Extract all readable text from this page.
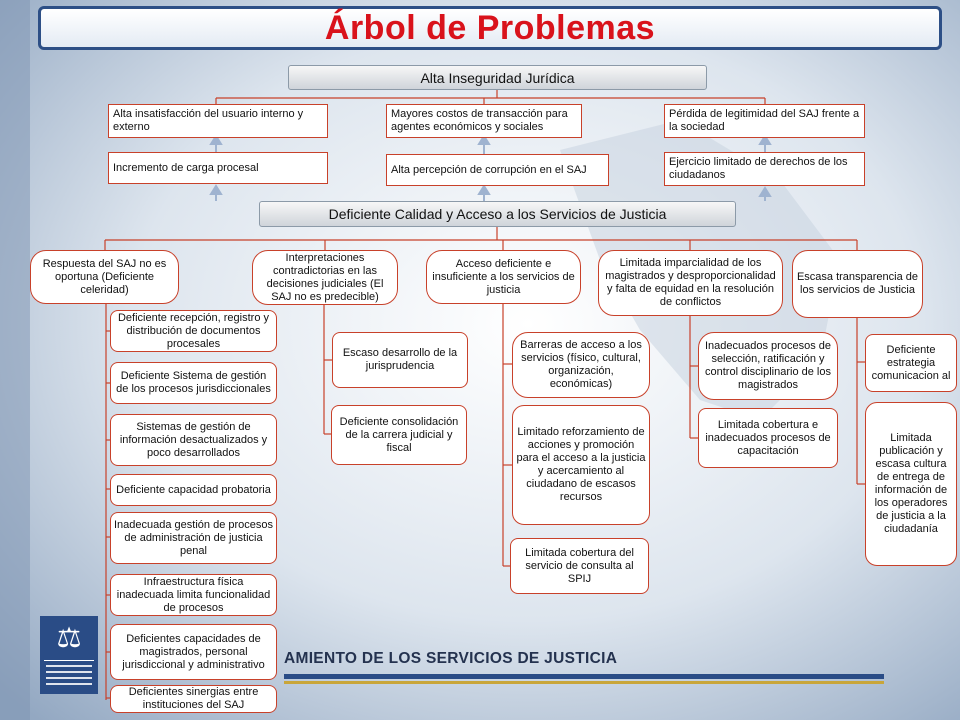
Árbol de Problemas
Alta Inseguridad Jurídica
Alta insatisfacción del usuario interno y externo
Mayores costos de transacción para agentes económicos y sociales
Pérdida de legitimidad del SAJ frente a la sociedad
Incremento de carga procesal	Alta percepción de corrupción en el SAJ
Ejercicio limitado de derechos de los ciudadanos
Deficiente Calidad y Acceso a los Servicios de Justicia
Respuesta del SAJ no es oportuna (Deficiente celeridad)
Interpretaciones contradictorias en las decisiones judiciales (El SAJ no es predecible)
Acceso deficiente e insuficiente a los servicios de justicia
Limitada imparcialidad de los magistrados y desproporcionalidad y falta de equidad en la resolución de conflictos
Escasa transparencia de los servicios de Justicia
Deficiente recepción, registro y distribución de documentos procesales
Deficiente Sistema de gestión de los procesos jurisdiccionales
Sistemas de gestión de información desactualizados y poco desarrollados
Deficiente capacidad probatoria
Inadecuada gestión de procesos de administración de justicia penal
Infraestructura física inadecuada limita funcionalidad de procesos
Deficientes capacidades de magistrados, personal jurisdiccional y administrativo
Deficientes sinergias entre instituciones del SAJ
Escaso desarrollo de la jurisprudencia
Deficiente consolidación de la carrera judicial y fiscal
Barreras de acceso a los servicios (físico, cultural, organización, económicas)
Limitado reforzamiento de acciones y promoción para el acceso a la justicia y acercamiento al ciudadano de escasos recursos
Limitada cobertura del servicio de consulta al SPIJ
Inadecuados procesos de selección, ratificación y control disciplinario de los magistrados
Limitada cobertura e inadecuados procesos de capacitación
Deficiente estrategia comunicacion al
Limitada publicación y escasa cultura de entrega de información de los operadores de justicia a la ciudadanía
⚖
AMIENTO DE LOS SERVICIOS DE JUSTICIA
